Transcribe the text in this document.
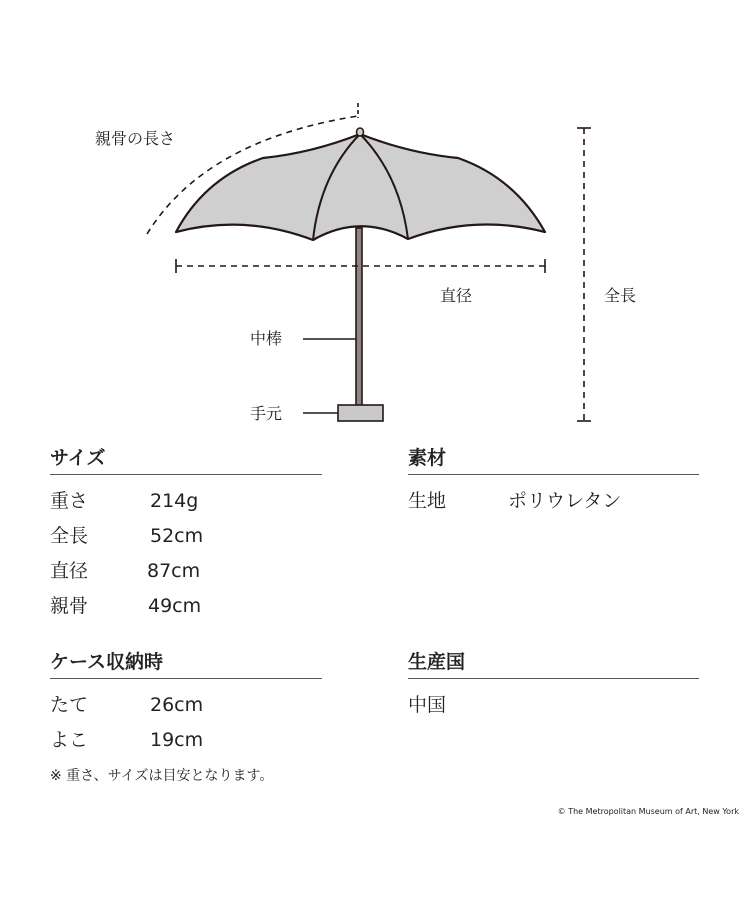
親骨の長さ
直径	全長
中棒
手元
サイズ
重さ	214g
全長	52cm
直径	87cm
親骨	49cm
素材
生地	ポリウレタン
ケース収納時
たて	26cm
よこ	19cm
生産国
中国
※ 重さ、サイズは目安となります。
© The Metropolitan Museum of Art, New York
